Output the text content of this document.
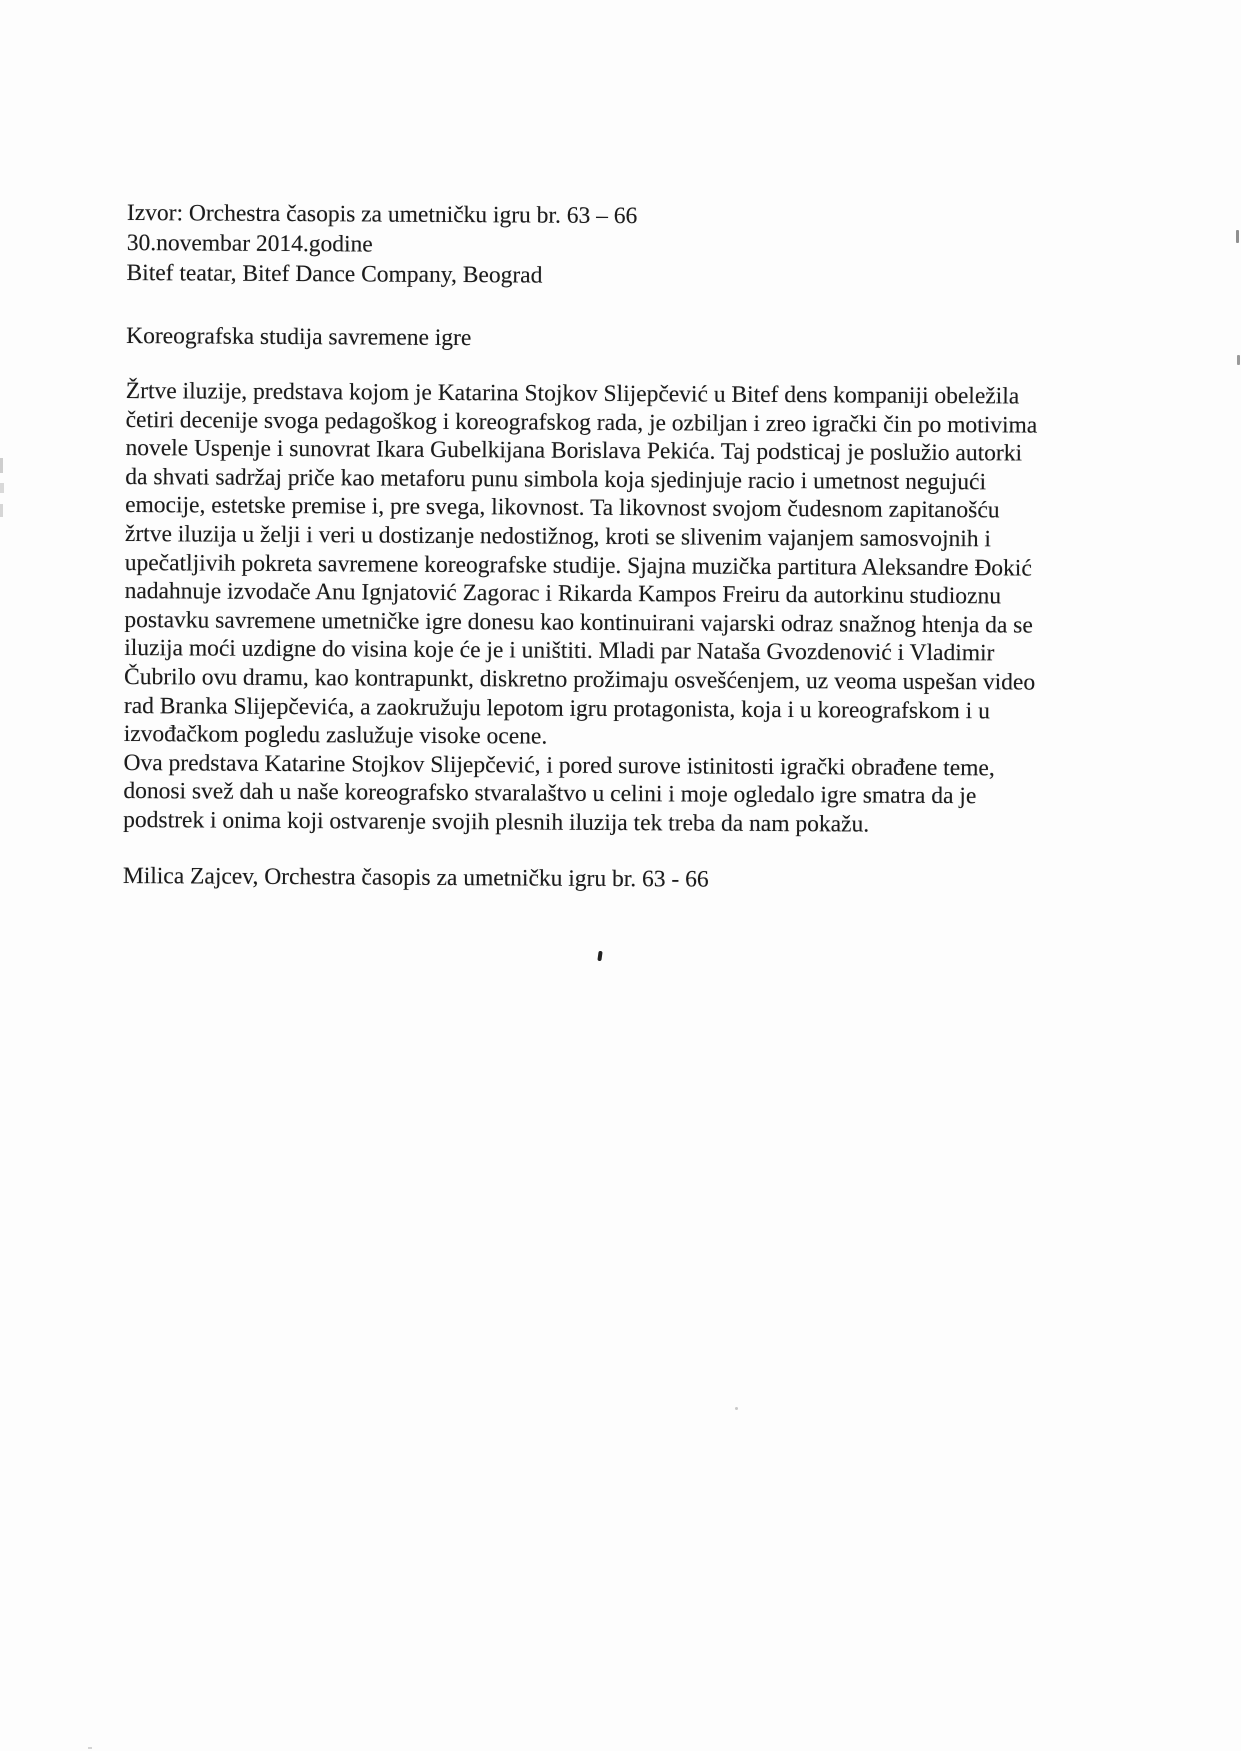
Izvor: Orchestra časopis za umetničku igru br. 63 – 66
30.novembar 2014.godine
Bitef teatar, Bitef Dance Company, Beograd
Koreografska studija savremene igre
Žrtve iluzije, predstava kojom je Katarina Stojkov Slijepčević u Bitef dens kompaniji obeležila
četiri decenije svoga pedagoškog i koreografskog rada, je ozbiljan i zreo igrački čin po motivima
novele Uspenje i sunovrat Ikara Gubelkijana Borislava Pekića. Taj podsticaj je poslužio autorki
da shvati sadržaj priče kao metaforu punu simbola koja sjedinjuje racio i umetnost negujući
emocije, estetske premise i, pre svega, likovnost. Ta likovnost svojom čudesnom zapitanošću
žrtve iluzija u želji i veri u dostizanje nedostižnog, kroti se slivenim vajanjem samosvojnih i
upečatljivih pokreta savremene koreografske studije. Sjajna muzička partitura Aleksandre Đokić
nadahnuje izvodače Anu Ignjatović Zagorac i Rikarda Kampos Freiru da autorkinu studioznu
postavku savremene umetničke igre donesu kao kontinuirani vajarski odraz snažnog htenja da se
iluzija moći uzdigne do visina koje će je i uništiti. Mladi par Nataša Gvozdenović i Vladimir
Čubrilo ovu dramu, kao kontrapunkt, diskretno prožimaju osvešćenjem, uz veoma uspešan video
rad Branka Slijepčevića, a zaokružuju lepotom igru protagonista, koja i u koreografskom i u
izvođačkom pogledu zaslužuje visoke ocene.
Ova predstava Katarine Stojkov Slijepčević, i pored surove istinitosti igrački obrađene teme,
donosi svež dah u naše koreografsko stvaralaštvo u celini i moje ogledalo igre smatra da je
podstrek i onima koji ostvarenje svojih plesnih iluzija tek treba da nam pokažu.
Milica Zajcev, Orchestra časopis za umetničku igru br. 63 - 66
